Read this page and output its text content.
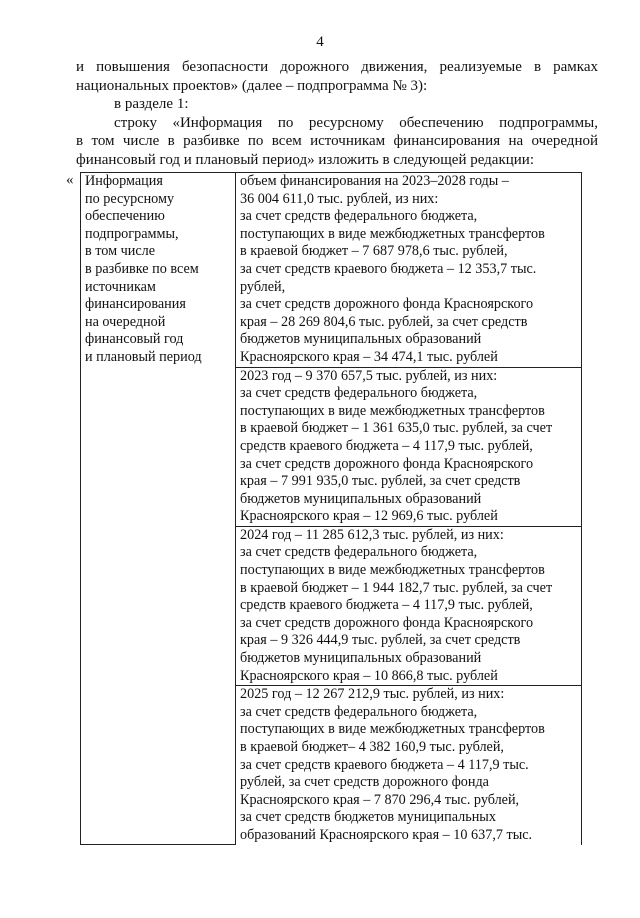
4

и повышения безопасности дорожного движения, реализуемые в рамках

национальных проектов» (далее – подпрограмма № 3):

в разделе 1:

строку «Информация по ресурсному обеспечению подпрограммы,

в том числе в разбивке по всем источникам финансирования на очередной

финансовый год и плановый период» изложить в следующей редакции:

« Информация
по ресурсному
обеспечению
подпрограммы,
в том числе
в разбивке по всем
источникам
финансирования
на очередной
финансовый год
и плановый период

объем финансирования на 2023–2028 годы –
36 004 611,0 тыс. рублей, из них:
за счет средств федерального бюджета,
поступающих в виде межбюджетных трансфертов
в краевой бюджет – 7 687 978,6 тыс. рублей,
за счет средств краевого бюджета – 12 353,7 тыс.
рублей,
за счет средств дорожного фонда Красноярского
края – 28 269 804,6 тыс. рублей, за счет средств
бюджетов муниципальных образований
Красноярского края – 34 474,1 тыс. рублей

2023 год – 9 370 657,5 тыс. рублей, из них:
за счет средств федерального бюджета,
поступающих в виде межбюджетных трансфертов
в краевой бюджет – 1 361 635,0 тыс. рублей, за счет
средств краевого бюджета – 4 117,9 тыс. рублей,
за счет средств дорожного фонда Красноярского
края – 7 991 935,0 тыс. рублей, за счет средств
бюджетов муниципальных образований
Красноярского края – 12 969,6 тыс. рублей

2024 год – 11 285 612,3 тыс. рублей, из них:
за счет средств федерального бюджета,
поступающих в виде межбюджетных трансфертов
в краевой бюджет – 1 944 182,7 тыс. рублей, за счет
средств краевого бюджета – 4 117,9 тыс. рублей,
за счет средств дорожного фонда Красноярского
края – 9 326 444,9 тыс. рублей, за счет средств
бюджетов муниципальных образований
Красноярского края – 10 866,8 тыс. рублей

2025 год – 12 267 212,9 тыс. рублей, из них:
за счет средств федерального бюджета,
поступающих в виде межбюджетных трансфертов
в краевой бюджет– 4 382 160,9 тыс. рублей,
за счет средств краевого бюджета – 4 117,9 тыс.
рублей, за счет средств дорожного фонда
Красноярского края – 7 870 296,4 тыс. рублей,
за счет средств бюджетов муниципальных
образований Красноярского края – 10 637,7 тыс.
